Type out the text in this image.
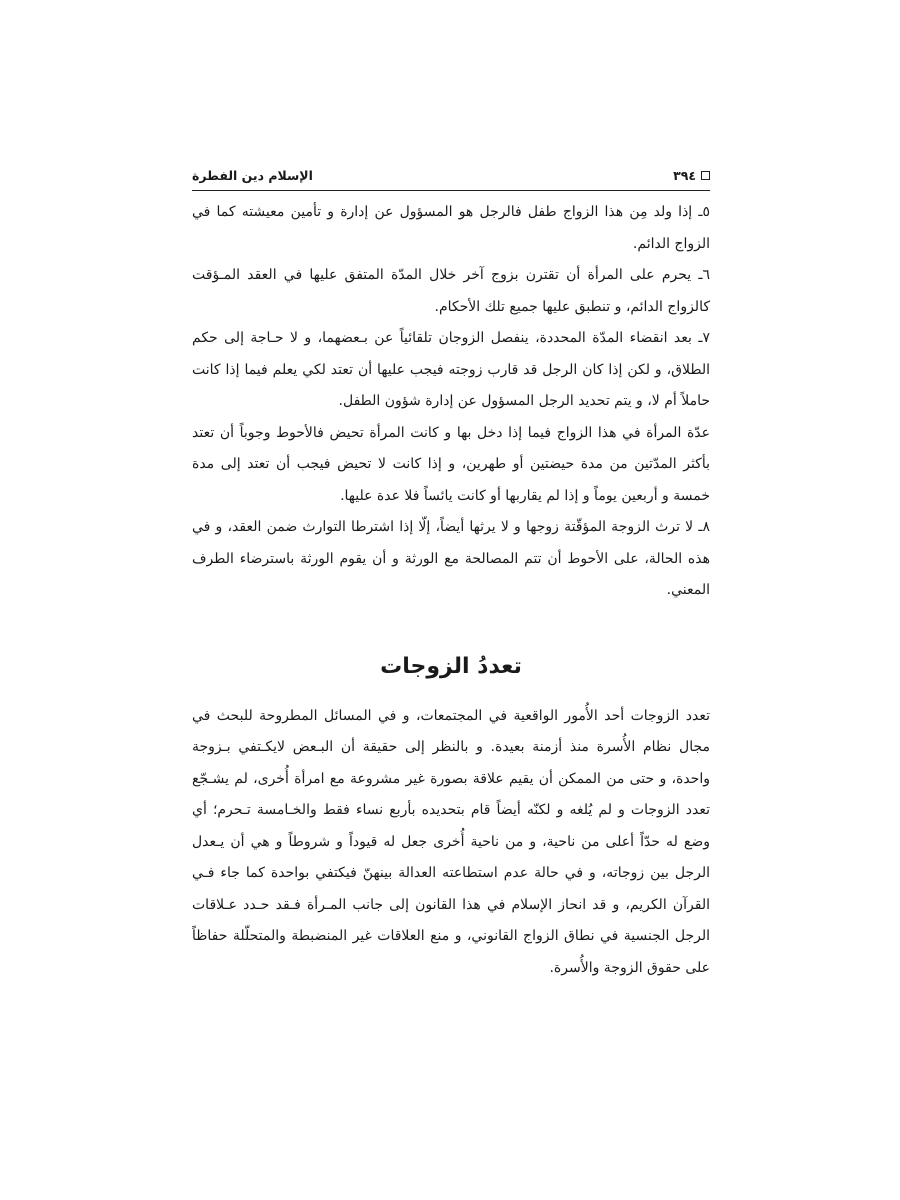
٣٩٤
الإسلام دين الفطرة

٥ـ إذا ولد مِن هذا الزواج طفل فالرجل هو المسؤول عن إدارة و تأمين معيشته كما في الزواج الدائم.

٦ـ يحرم على المرأة أن تقترن بزوج آخر خلال المدّة المتفق عليها في العقد المـؤقت كالزواج الدائم، و تنطبق عليها جميع تلك الأحكام.

٧ـ بعد انقضاء المدّة المحددة، ينفصل الزوجان تلقائياً عن بـعضهما، و لا حـاجة إلى حكم الطلاق، و لكن إذا كان الرجل قد قارب زوجته فيجب عليها أن تعتد لكي يعلم فيما إذا كانت حاملاً أم لا، و يتم تحديد الرجل المسؤول عن إدارة شؤون الطفل.

عدّة المرأة في هذا الزواج فيما إذا دخل بها و كانت المرأة تحيض فالأحوط وجوباً أن تعتد بأكثر المدّتين من مدة حيضتين أو طهرين، و إذا كانت لا تحيض فيجب أن تعتد إلى مدة خمسة و أربعين يوماً و إذا لم يقاربها أو كانت يائساً فلا عدة عليها.

٨ـ لا ترث الزوجة المؤقّتة زوجها و لا يرثها أيضاً، إلّا إذا اشترطا التوارث ضمن العقد، و في هذه الحالة، على الأحوط أن تتم المصالحة مع الورثة و أن يقوم الورثة باسترضاء الطرف المعني.

تعددُ الزوجات

تعدد الزوجات أحد الأُمور الواقعية في المجتمعات، و في المسائل المطروحة للبحث في مجال نظام الأُسرة منذ أزمنة بعيدة. و بالنظر إلى حقيقة أن البـعض لايكـتفي بـزوجة واحدة، و حتى من الممكن أن يقيم علاقة بصورة غير مشروعة مع امرأة أُخرى، لم يشـجّع تعدد الزوجات و لم يُلغه و لكنّه أيضاً قام بتحديده بأربع نساء فقط والخـامسة تـحرم؛ أي وضع له حدّاً أعلى من ناحية، و من ناحية أُخرى جعل له قيوداً و شروطاً و هي أن يـعدل الرجل بين زوجاته، و في حالة عدم استطاعته العدالة بينهنّ فيكتفي بواحدة كما جاء فـي القرآن الكريم، و قد انحاز الإسلام في هذا القانون إلى جانب المـرأة فـقد حـدد عـلاقات الرجل الجنسية في نطاق الزواج القانوني، و منع العلاقات غير المنضبطة والمتحلّلة حفاظاً على حقوق الزوجة والأُسرة.
